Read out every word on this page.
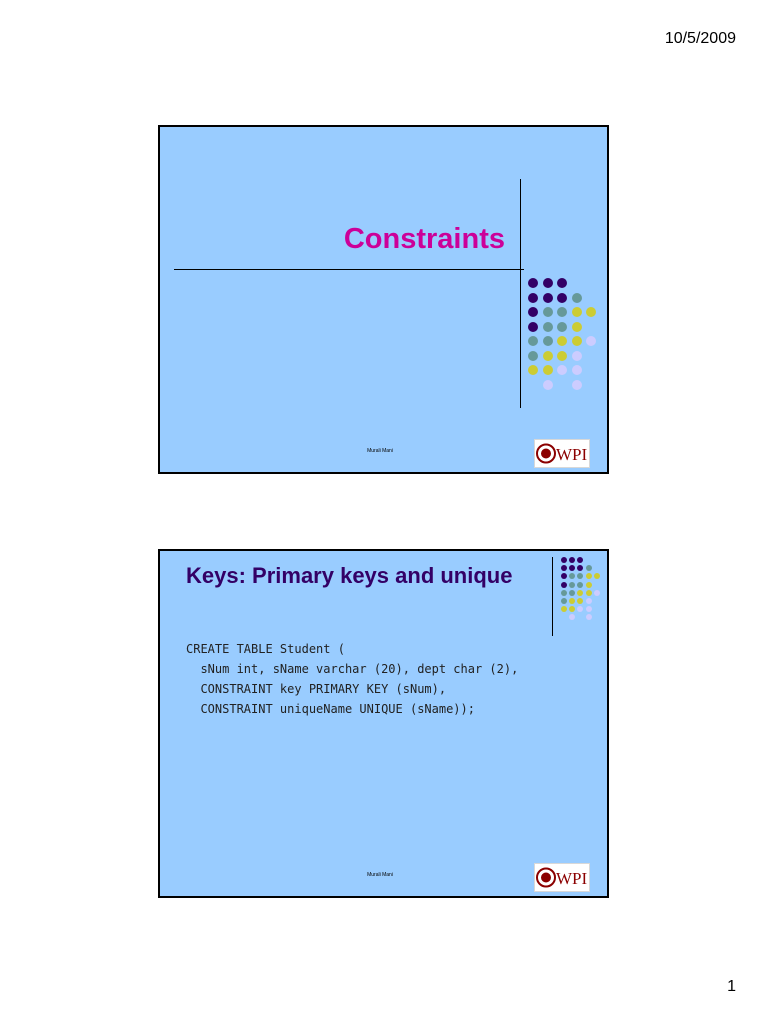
10/5/2009
Constraints
Murali Mani	WPI
Keys: Primary keys and unique
CREATE TABLE Student (
sNum int, sName varchar (20), dept char (2),
CONSTRAINT key PRIMARY KEY (sNum),
CONSTRAINT uniqueName UNIQUE (sName));
Murali Mani	WPI
1
